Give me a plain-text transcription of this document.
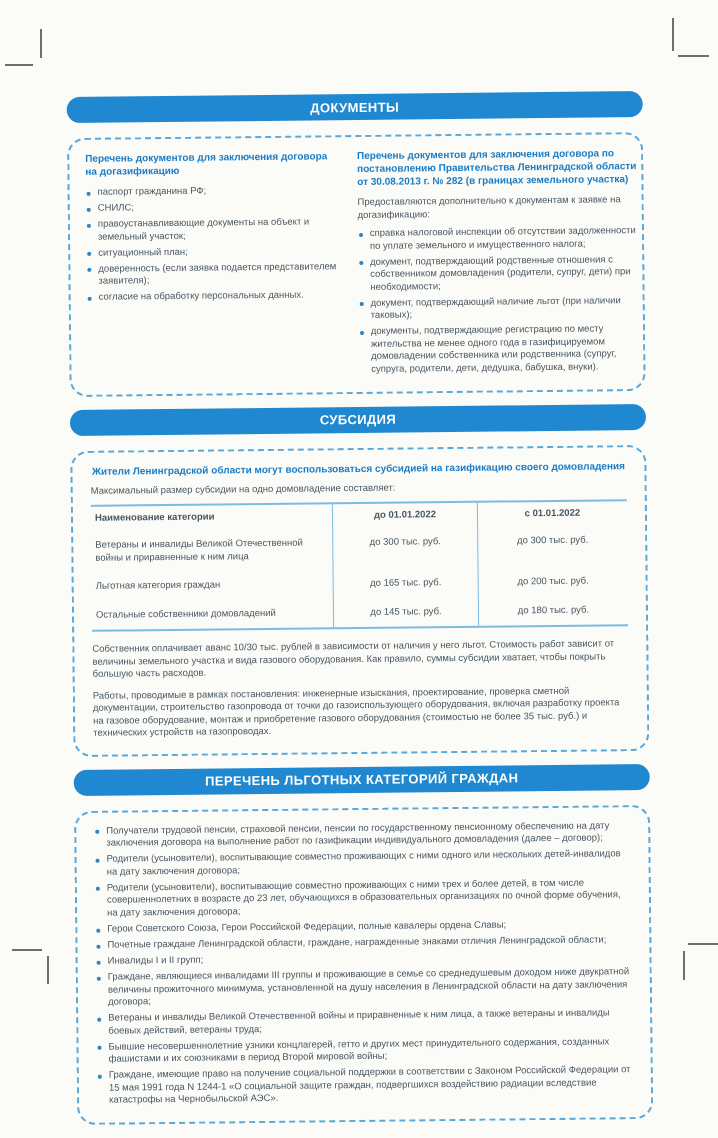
ДОКУМЕНТЫ

Перечень документов для заключения договора на догазификацию

паспорт гражданина РФ;
СНИЛС;
правоустанавливающие документы на объект и земельный участок;
ситуационный план;
доверенность (если заявка подается представителем заявителя);
согласие на обработку персональных данных.

Перечень документов для заключения договора по постановлению Правительства Ленинградской области от 30.08.2013 г. № 282 (в границах земельного участка)

Предоставляются дополнительно к документам к заявке на догазификацию:

справка налоговой инспекции об отсутствии задолженности по уплате земельного и имущественного налога;
документ, подтверждающий родственные отношения с собственником домовладения (родители, супруг, дети) при необходимости;
документ, подтверждающий наличие льгот (при наличии таковых);
документы, подтверждающие регистрацию по месту жительства не менее одного года в газифицируемом домовладении собственника или родственника (супруг, супруга, родители, дети, дедушка, бабушка, внуки).
СУБСИДИЯ

Жители Ленинградской области могут воспользоваться субсидией на газификацию своего домовладения

Максимальный размер субсидии на одно домовладение составляет:

Наименование категории	до 01.01.2022	с 01.01.2022
Ветераны и инвалиды Великой Отечественной войны и приравненные к ним лица
до 300 тыс. руб.	до 300 тыс. руб.
Льготная категория граждан	до 165 тыс. руб.	до 200 тыс. руб.
Остальные собственники домовладений	до 145 тыс. руб.	до 180 тыс. руб.

Собственник оплачивает аванс 10/30 тыс. рублей в зависимости от наличия у него льгот. Стоимость работ зависит от величины земельного участка и вида газового оборудования. Как правило, суммы субсидии хватает, чтобы покрыть большую часть расходов.

Работы, проводимые в рамках постановления: инженерные изыскания, проектирование, проверка сметной документации, строительство газопровода от точки до газоиспользующего оборудования, включая разработку проекта на газовое оборудование, монтаж и приобретение газового оборудования (стоимостью не более 35 тыс. руб.) и технических устройств на газопроводах.

ПЕРЕЧЕНЬ ЛЬГОТНЫХ КАТЕГОРИЙ ГРАЖДАН
Получатели трудовой пенсии, страховой пенсии, пенсии по государственному пенсионному обеспечению на дату заключения договора на выполнение работ по газификации индивидуального домовладения (далее – договор);
Родители (усыновители), воспитывающие совместно проживающих с ними одного или нескольких детей-инвалидов на дату заключения договора;
Родители (усыновители), воспитывающие совместно проживающих с ними трех и более детей, в том числе совершеннолетних в возрасте до 23 лет, обучающихся в образовательных организациях по очной форме обучения, на дату заключения договора;
Герои Советского Союза, Герои Российской Федерации, полные кавалеры ордена Славы;
Почетные граждане Ленинградской области, граждане, награжденные знаками отличия Ленинградской области;
Инвалиды I и II групп;
Граждане, являющиеся инвалидами III группы и проживающие в семье со среднедушевым доходом ниже двукратной величины прожиточного минимума, установленной на душу населения в Ленинградской области на дату заключения договора;
Ветераны и инвалиды Великой Отечественной войны и приравненные к ним лица, а также ветераны и инвалиды боевых действий, ветераны труда;
Бывшие несовершеннолетние узники концлагерей, гетто и других мест принудительного содержания, созданных фашистами и их союзниками в период Второй мировой войны;
Граждане, имеющие право на получение социальной поддержки в соответствии с Законом Российской Федерации от 15 мая 1991 года N 1244-1 «О социальной защите граждан, подвергшихся воздействию радиации вследствие катастрофы на Чернобыльской АЭС».
